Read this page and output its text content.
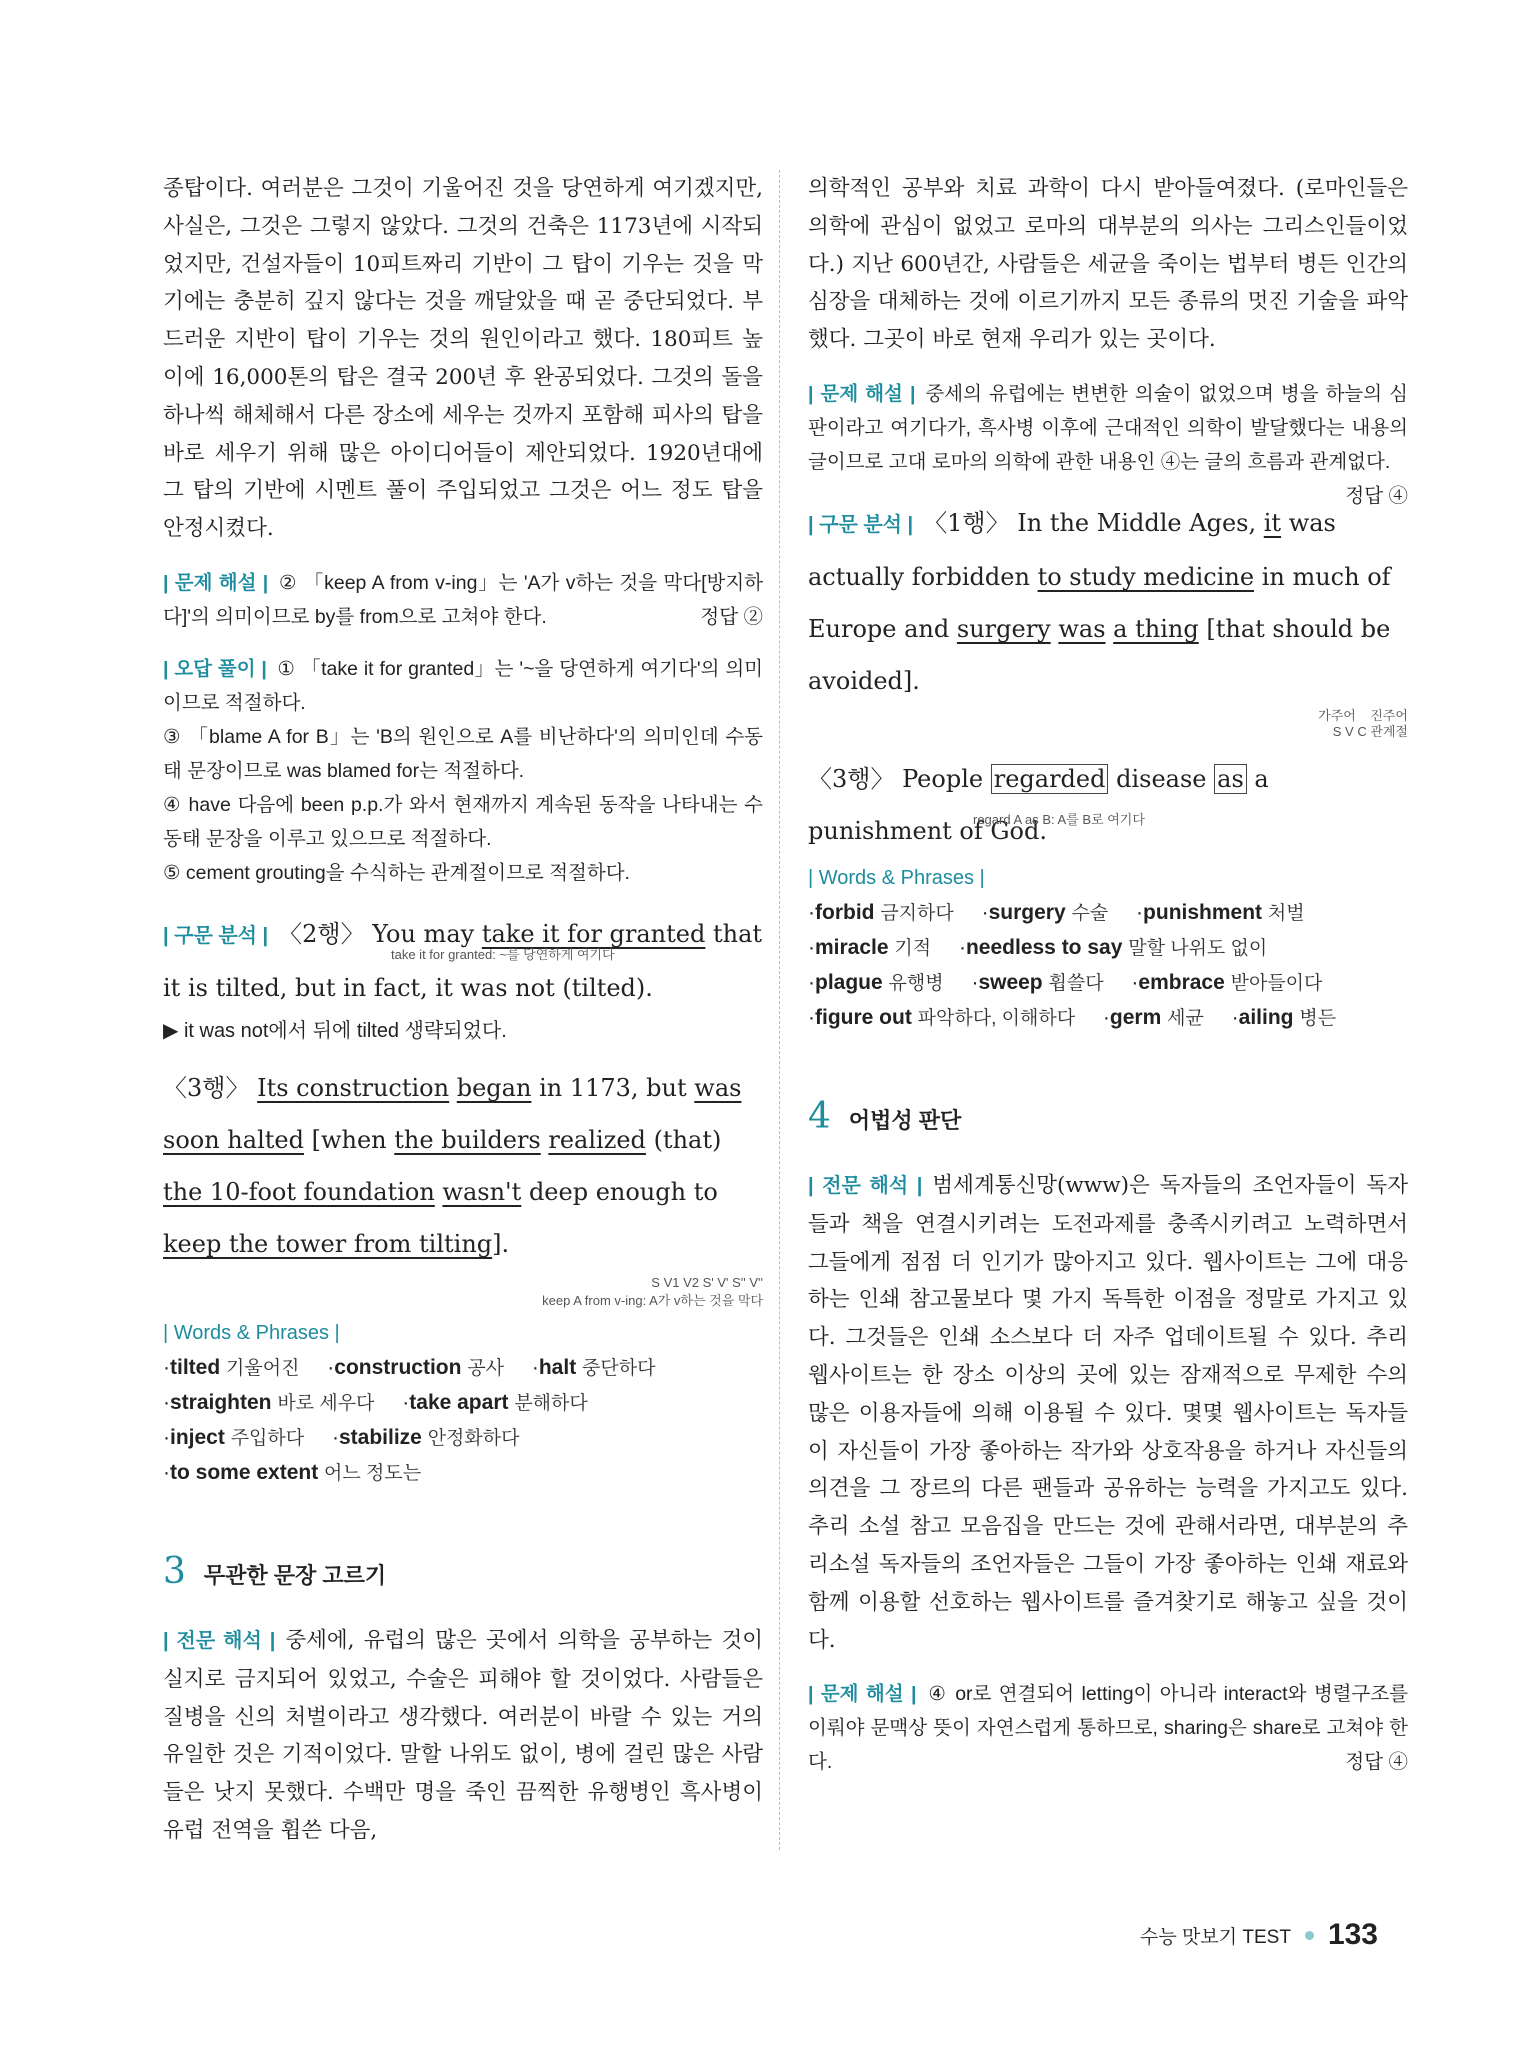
종탑이다. 여러분은 그것이 기울어진 것을 당연하게 여기겠지만, 사실은, 그것은 그렇지 않았다. 그것의 건축은 1173년에 시작되었지만, 건설자들이 10피트짜리 기반이 그 탑이 기우는 것을 막기에는 충분히 깊지 않다는 것을 깨달았을 때 곧 중단되었다. 부드러운 지반이 탑이 기우는 것의 원인이라고 했다. 180피트 높이에 16,000톤의 탑은 결국 200년 후 완공되었다. 그것의 돌을 하나씩 해체해서 다른 장소에 세우는 것까지 포함해 피사의 탑을 바로 세우기 위해 많은 아이디어들이 제안되었다. 1920년대에 그 탑의 기반에 시멘트 풀이 주입되었고 그것은 어느 정도 탑을 안정시켰다.

| 문제 해설 | ② 「keep A from v-ing」는 'A가 v하는 것을 막다[방지하다]'의 의미이므로 by를 from으로 고쳐야 한다.	정답 ②

| 오답 풀이 | ① 「take it for granted」는 '~을 당연하게 여기다'의 의미이므로 적절하다.
③ 「blame A for B」는 'B의 원인으로 A를 비난하다'의 의미인데 수동태 문장이므로 was blamed for는 적절하다.
④ have 다음에 been p.p.가 와서 현재까지 계속된 동작을 나타내는 수동태 문장을 이루고 있으므로 적절하다.
⑤ cement grouting을 수식하는 관계절이므로 적절하다.
| 구문 분석 | 〈2행〉 You may take it for granted that it is tilted, but in fact, it was not (tilted).
take it for granted: ~를 당연하게 여기다

▶ it was not에서 뒤에 tilted 생략되었다.

〈3행〉 Its construction began in 1173, but was soon halted [when the builders realized (that) the 10-foot foundation wasn't deep enough to keep the tower from tilting].
S V1 V2 S' V' S'' V''
keep A from v-ing: A가 v하는 것을 막다
| Words & Phrases |

·tilted 기울어진 ·construction 공사 ·halt 중단하다

·straighten 바로 세우다 ·take apart 분해하다

·inject 주입하다 ·stabilize 안정화하다

·to some extent 어느 정도는

3 무관한 문장 고르기

| 전문 해석 | 중세에, 유럽의 많은 곳에서 의학을 공부하는 것이 실지로 금지되어 있었고, 수술은 피해야 할 것이었다. 사람들은 질병을 신의 처벌이라고 생각했다. 여러분이 바랄 수 있는 거의 유일한 것은 기적이었다. 말할 나위도 없이, 병에 걸린 많은 사람들은 낫지 못했다. 수백만 명을 죽인 끔찍한 유행병인 흑사병이 유럽 전역을 휩쓴 다음,

의학적인 공부와 치료 과학이 다시 받아들여졌다. (로마인들은 의학에 관심이 없었고 로마의 대부분의 의사는 그리스인들이었다.) 지난 600년간, 사람들은 세균을 죽이는 법부터 병든 인간의 심장을 대체하는 것에 이르기까지 모든 종류의 멋진 기술을 파악했다. 그곳이 바로 현재 우리가 있는 곳이다.

| 문제 해설 | 중세의 유럽에는 변변한 의술이 없었으며 병을 하늘의 심판이라고 여기다가, 흑사병 이후에 근대적인 의학이 발달했다는 내용의 글이므로 고대 로마의 의학에 관한 내용인 ④는 글의 흐름과 관계없다.
정답 ④

| 구문 분석 | 〈1행〉 In the Middle Ages, it was actually forbidden to study medicine in much of Europe and surgery was a thing [that should be avoided].
가주어 진주어
S V C 관계절
〈3행〉 People regarded disease as a punishment of God.
regard A as B: A를 B로 여기다
| Words & Phrases |

·forbid 금지하다 ·surgery 수술 ·punishment 처벌

·miracle 기적 ·needless to say 말할 나위도 없이

·plague 유행병 ·sweep 휩쓸다 ·embrace 받아들이다

·figure out 파악하다, 이해하다 ·germ 세균 ·ailing 병든

4 어법성 판단

| 전문 해석 | 범세계통신망(www)은 독자들의 조언자들이 독자들과 책을 연결시키려는 도전과제를 충족시키려고 노력하면서 그들에게 점점 더 인기가 많아지고 있다. 웹사이트는 그에 대응하는 인쇄 참고물보다 몇 가지 독특한 이점을 정말로 가지고 있다. 그것들은 인쇄 소스보다 더 자주 업데이트될 수 있다. 추리 웹사이트는 한 장소 이상의 곳에 있는 잠재적으로 무제한 수의 많은 이용자들에 의해 이용될 수 있다. 몇몇 웹사이트는 독자들이 자신들이 가장 좋아하는 작가와 상호작용을 하거나 자신들의 의견을 그 장르의 다른 팬들과 공유하는 능력을 가지고도 있다. 추리 소설 참고 모음집을 만드는 것에 관해서라면, 대부분의 추리소설 독자들의 조언자들은 그들이 가장 좋아하는 인쇄 재료와 함께 이용할 선호하는 웹사이트를 즐겨찾기로 해놓고 싶을 것이다.

| 문제 해설 | ④ or로 연결되어 letting이 아니라 interact와 병렬구조를 이뤄야 문맥상 뜻이 자연스럽게 통하므로, sharing은 share로 고쳐야 한다.	정답 ④

수능 맛보기 TEST 133
